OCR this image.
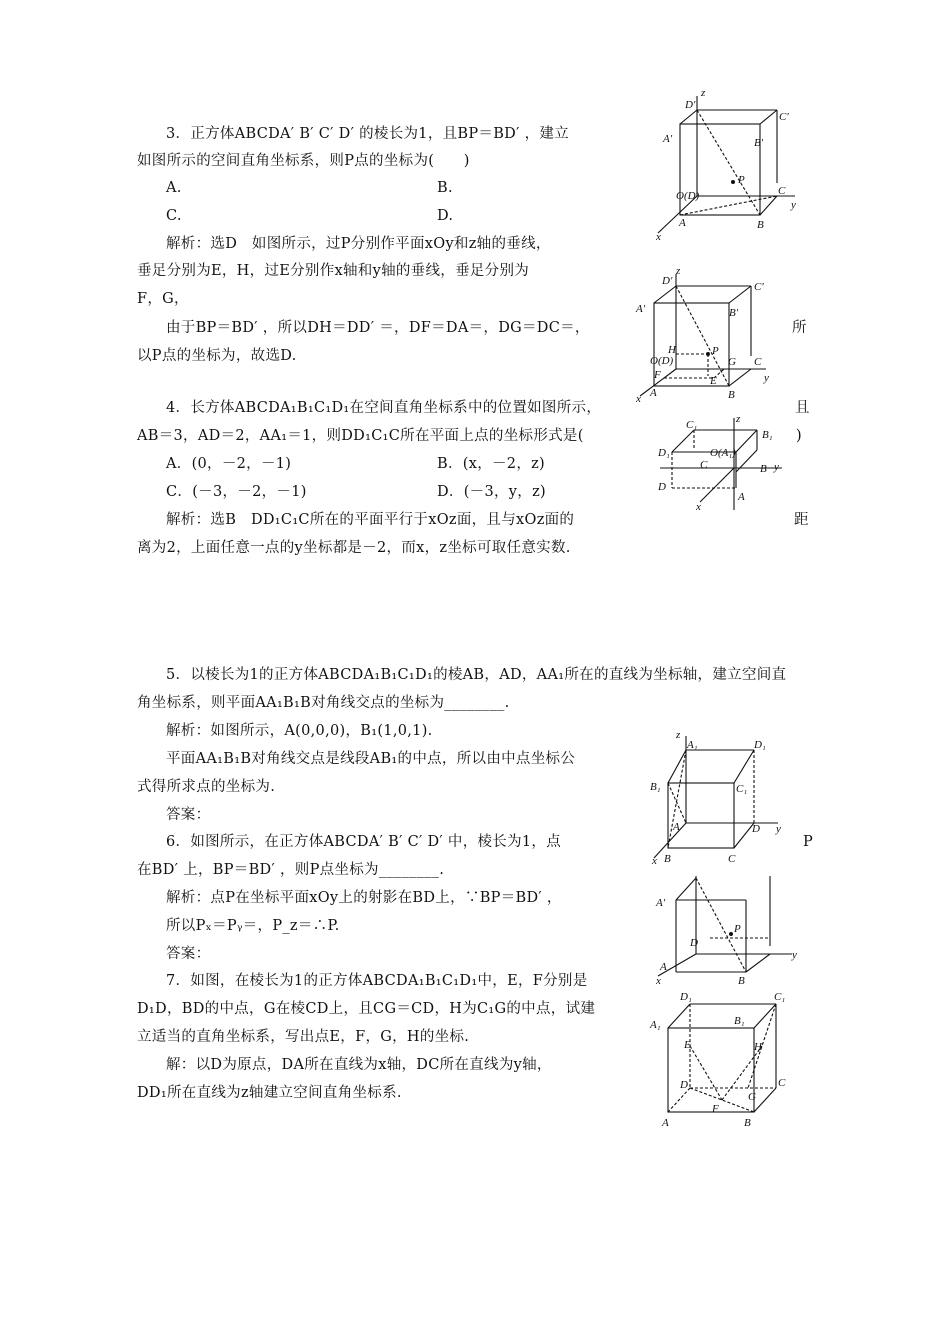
3．正方体ABCDA′ B′ C′ D′ 的棱长为1，且BP＝BD′ ，建立
如图所示的空间直角坐标系，则P点的坐标为(　　)
A.	B.
C.	D.
解析：选D　如图所示，过P分别作平面xOy和z轴的垂线，
垂足分别为E，H，过E分别作x轴和y轴的垂线，垂足分别为
F，G，
由于BP＝BD′ ，所以DH＝DD′ ＝，DF＝DA＝，DG＝DC＝，	所
以P点的坐标为，故选D.
4．长方体ABCDA₁B₁C₁D₁在空间直角坐标系中的位置如图所示，	且
AB＝3，AD＝2，AA₁＝1，则DD₁C₁C所在平面上点的坐标形式是(	)
A．(0，－2，－1)	B．(x，－2，z)
C．(－3，－2，－1)	D．(－3，y，z)
解析：选B　DD₁C₁C所在的平面平行于xOz面，且与xOz面的	距
离为2，上面任意一点的y坐标都是－2，而x，z坐标可取任意实数.
5．以棱长为1的正方体ABCDA₁B₁C₁D₁的棱AB，AD，AA₁所在的直线为坐标轴，建立空间直
角坐标系，则平面AA₁B₁B对角线交点的坐标为________.
解析：如图所示，A(0,0,0)，B₁(1,0,1).
平面AA₁B₁B对角线交点是线段AB₁的中点，所以由中点坐标公
式得所求点的坐标为.
答案：
6．如图所示，在正方体ABCDA′ B′ C′ D′ 中，棱长为1，点	P
在BD′ 上，BP＝BD′ ，则P点坐标为________.
解析：点P在坐标平面xOy上的射影在BD上，∵BP＝BD′ ，
所以Pₓ＝Pᵧ＝，P_z＝∴P.
答案：
7．如图，在棱长为1的正方体ABCDA₁B₁C₁D₁中，E，F分别是
D₁D，BD的中点，G在棱CD上，且CG＝CD，H为C₁G的中点，试建
立适当的直角坐标系，写出点E，F，G，H的坐标.
解：以D为原点，DA所在直线为x轴，DC所在直线为y轴，
DD₁所在直线为z轴建立空间直角坐标系.
z
y
x
D′
C′
A′	B′
O(D)
P
C
A	B
z
y
x
D′	C′
A′	B′
H
O(D)
P
G C
F	E
A	B
z
y
x
C₁
B₁
D₁	O(A₁)
C
D
B
A
z
y
x
A₁	D₁
B₁	C₁
A	D
B	C
y
x
A′
D
P
A
B
D₁	C₁
A₁	B₁
E	H
D	C
G
F
A	B
